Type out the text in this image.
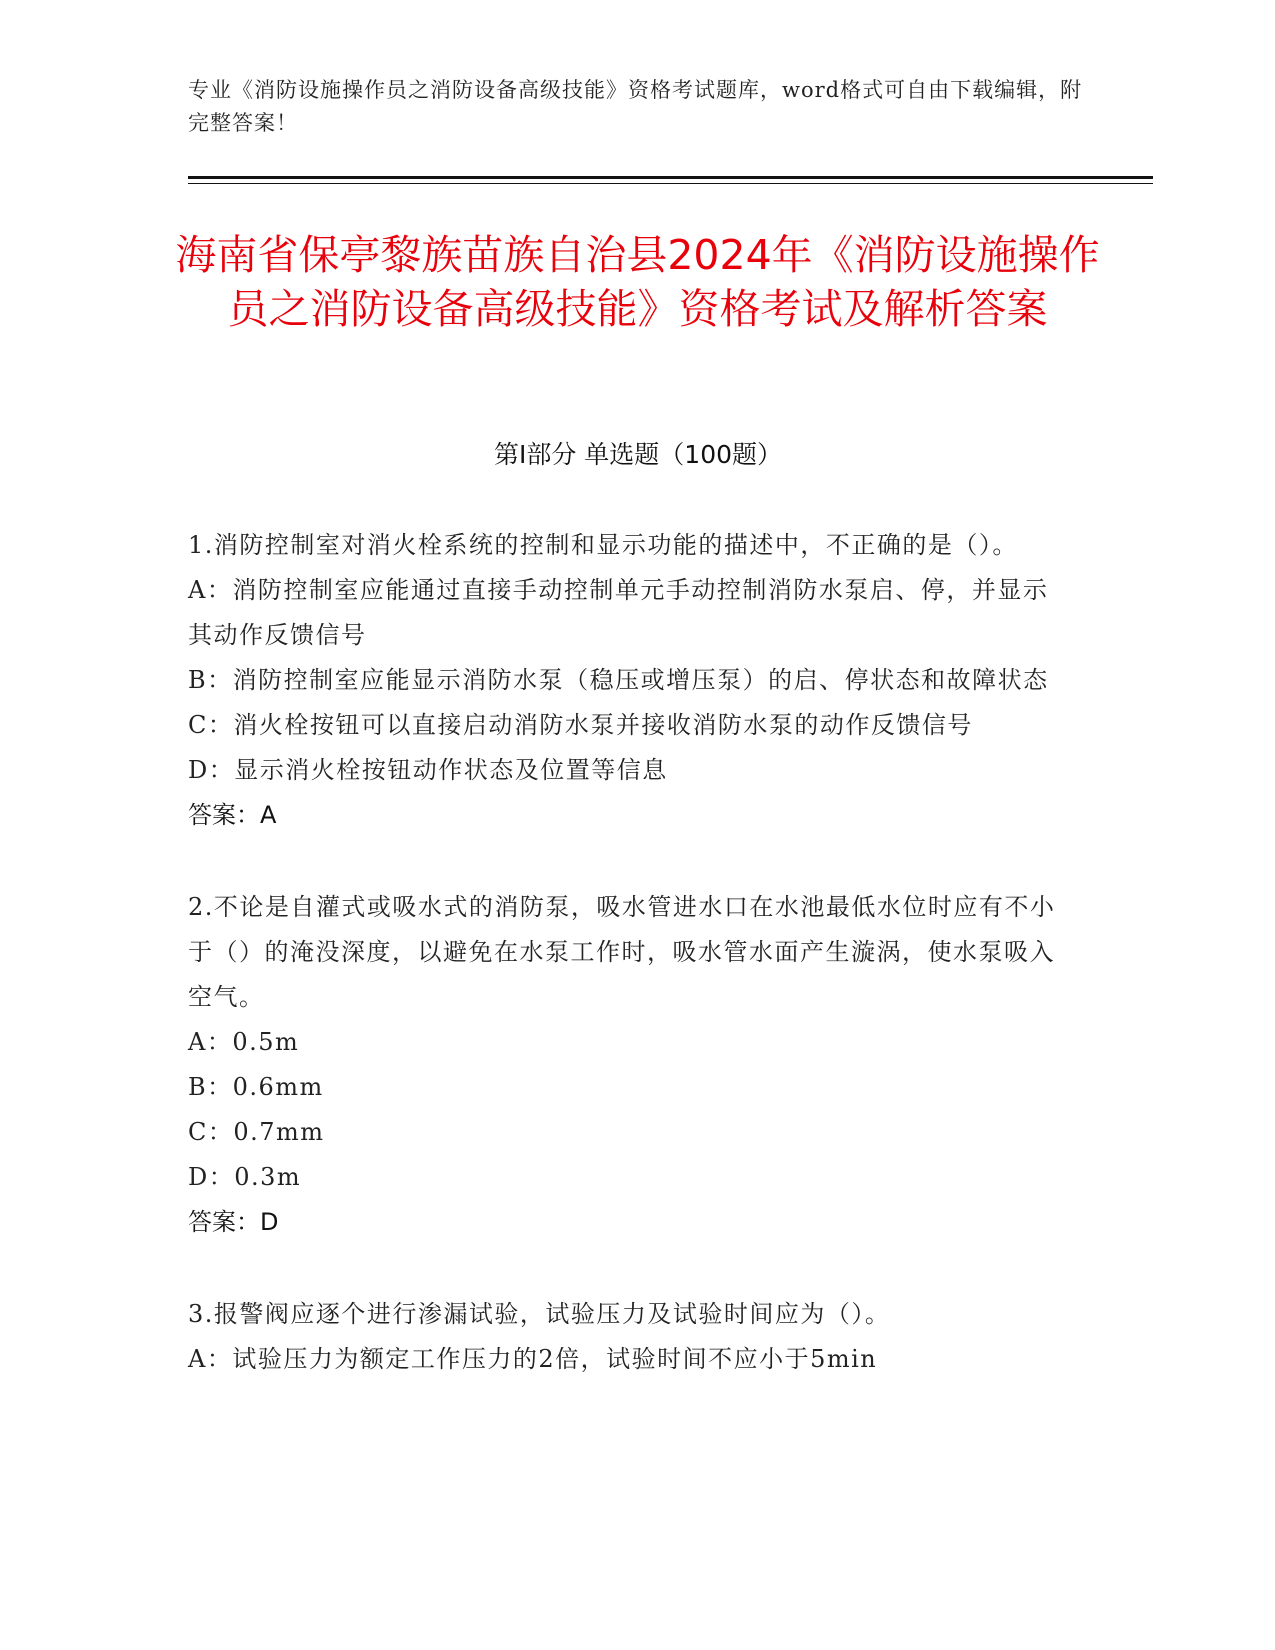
专业《消防设施操作员之消防设备高级技能》资格考试题库，word格式可自由下载编辑，附完整答案！
海南省保亭黎族苗族自治县2024年《消防设施操作员之消防设备高级技能》资格考试及解析答案
第Ⅰ部分 单选题（100题）

1.消防控制室对消火栓系统的控制和显示功能的描述中，不正确的是（）。

A：消防控制室应能通过直接手动控制单元手动控制消防水泵启、停，并显示其动作反馈信号

B：消防控制室应能显示消防水泵（稳压或增压泵）的启、停状态和故障状态

C：消火栓按钮可以直接启动消防水泵并接收消防水泵的动作反馈信号

D：显示消火栓按钮动作状态及位置等信息

答案：A

2.不论是自灌式或吸水式的消防泵，吸水管进水口在水池最低水位时应有不小于（）的淹没深度，以避免在水泵工作时，吸水管水面产生漩涡，使水泵吸入空气。

A：0.5m

B：0.6mm

C：0.7mm

D：0.3m

答案：D

3.报警阀应逐个进行渗漏试验，试验压力及试验时间应为（）。

A：试验压力为额定工作压力的2倍，试验时间不应小于5min
